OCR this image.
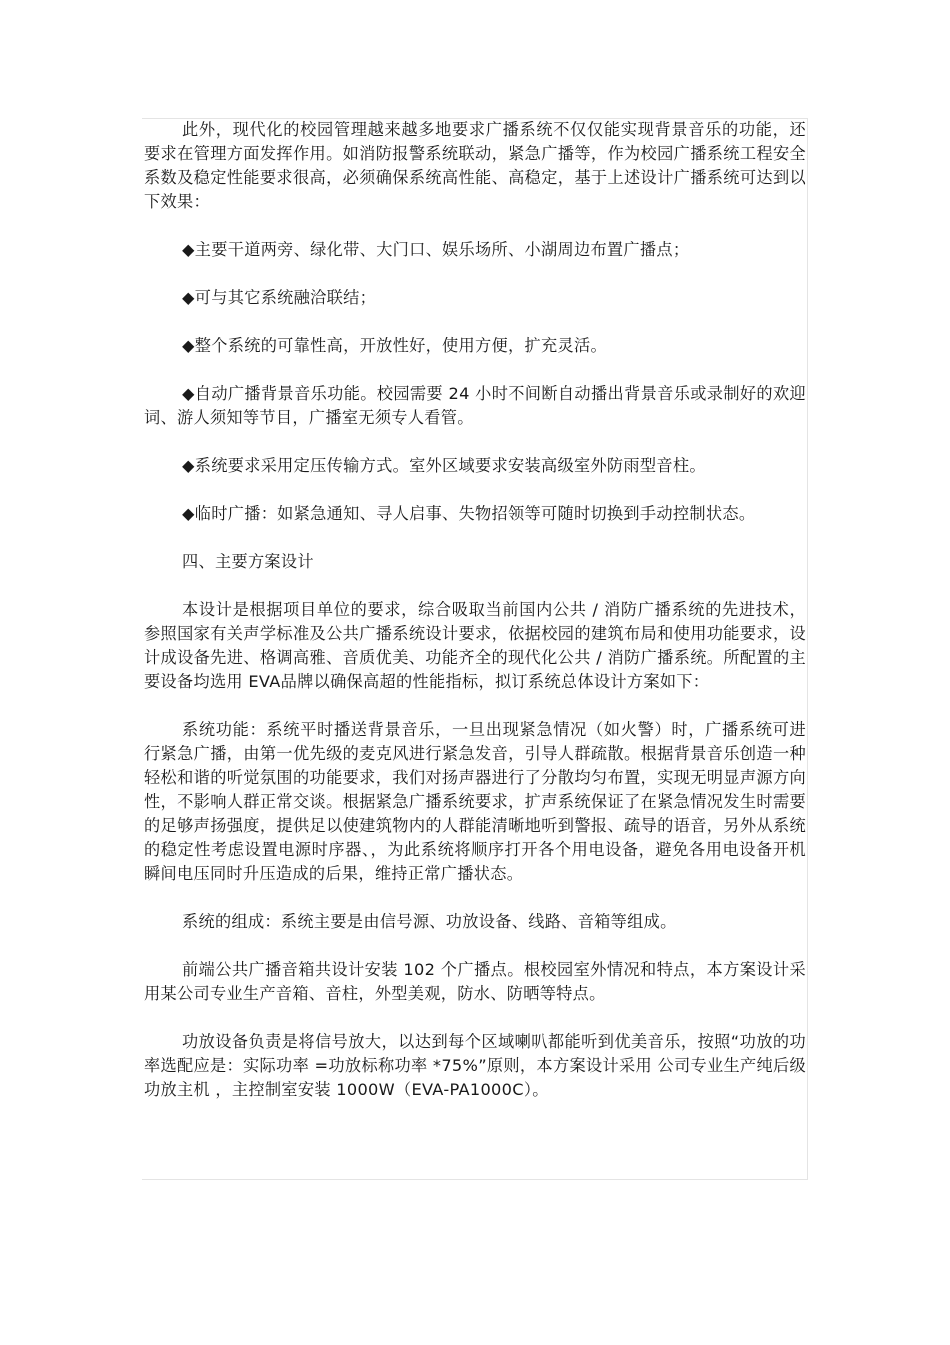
此外，现代化的校园管理越来越多地要求广播系统不仅仅能实现背景音乐的功能，还要求在管理方面发挥作用。如消防报警系统联动，紧急广播等，作为校园广播系统工程安全系数及稳定性能要求很高，必须确保系统高性能、高稳定，基于上述设计广播系统可达到以下效果：

◆主要干道两旁、绿化带、大门口、娱乐场所、小湖周边布置广播点；

◆可与其它系统融洽联结；

◆整个系统的可靠性高，开放性好，使用方便，扩充灵活。

◆自动广播背景音乐功能。校园需要 24 小时不间断自动播出背景音乐或录制好的欢迎词、游人须知等节目，广播室无须专人看管。

◆系统要求采用定压传输方式。室外区域要求安装高级室外防雨型音柱。

◆临时广播：如紧急通知、寻人启事、失物招领等可随时切换到手动控制状态。

四、主要方案设计

本设计是根据项目单位的要求，综合吸取当前国内公共 / 消防广播系统的先进技术，参照国家有关声学标准及公共广播系统设计要求，依据校园的建筑布局和使用功能要求，设计成设备先进、格调高雅、音质优美、功能齐全的现代化公共 / 消防广播系统。所配置的主要设备均选用 EVA品牌以确保高超的性能指标，拟订系统总体设计方案如下：

系统功能：系统平时播送背景音乐，一旦出现紧急情况（如火警）时，广播系统可进行紧急广播，由第一优先级的麦克风进行紧急发音，引导人群疏散。根据背景音乐创造一种轻松和谐的听觉氛围的功能要求，我们对扬声器进行了分散均匀布置，实现无明显声源方向性，不影响人群正常交谈。根据紧急广播系统要求，扩声系统保证了在紧急情况发生时需要的足够声扬强度，提供足以使建筑物内的人群能清晰地听到警报、疏导的语音，另外从系统的稳定性考虑设置电源时序器、，为此系统将顺序打开各个用电设备，避免各用电设备开机瞬间电压同时升压造成的后果，维持正常广播状态。

系统的组成：系统主要是由信号源、功放设备、线路、音箱等组成。

前端公共广播音箱共设计安装 102 个广播点。根校园室外情况和特点，本方案设计采用某公司专业生产音箱、音柱，外型美观，防水、防晒等特点。

功放设备负责是将信号放大，以达到每个区域喇叭都能听到优美音乐，按照“功放的功率选配应是：实际功率 =功放标称功率 *75%”原则，本方案设计采用 公司专业生产纯后级功放主机 ，主控制室安装 1000W（EVA-PA1000C）。
